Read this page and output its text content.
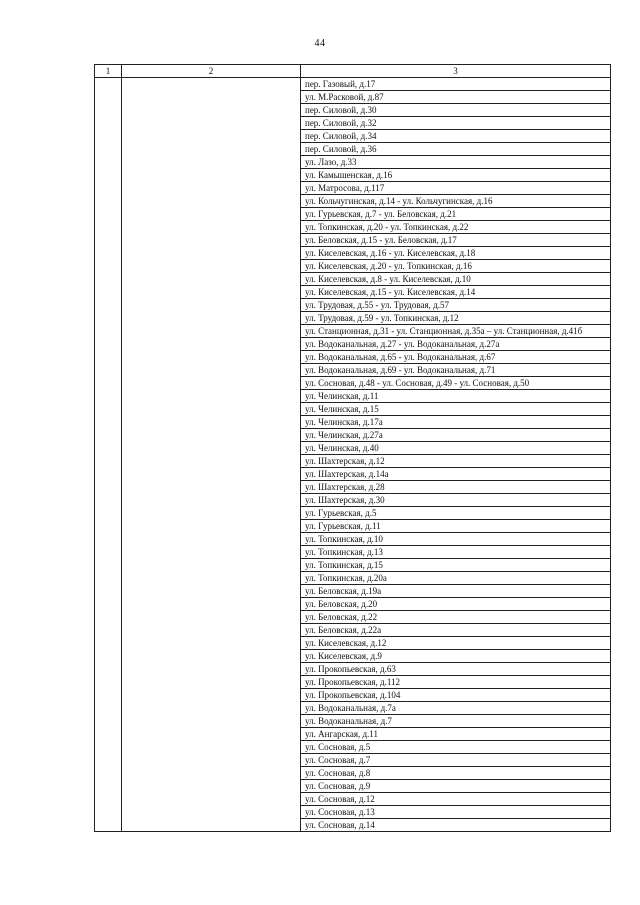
44
1	2	3
		пер. Газовый, д.17
		ул. М.Расковой, д.87
		пер. Силовой, д.30
		пер. Силовой, д.32
		пер. Силовой, д.34
		пер. Силовой, д.36
		ул. Лазо, д.33
		ул. Камышенская, д.16
		ул. Матросова, д.117
		ул. Кольчугинская, д.14 - ул. Кольчугинская, д.16
		ул. Гурьевская, д.7 - ул. Беловская, д.21
		ул. Топкинская, д.20 - ул. Топкинская, д.22
		ул. Беловская, д.15 - ул. Беловская, д.17
		ул. Киселевская, д.16 - ул. Киселевская, д.18
		ул. Киселевская, д.20 - ул. Топкинская, д.16
		ул. Киселевская, д.8 - ул. Киселевская, д.10
		ул. Киселевская, д.15 - ул. Киселевская, д.14
		ул. Трудовая, д.55 - ул. Трудовая, д.57
		ул. Трудовая, д.59 - ул. Топкинская, д.12
		ул. Станционная, д.31 - ул. Станционная, д.35а – ул. Станционная, д.41б
		ул. Водоканальная, д.27 - ул. Водоканальная, д.27а
		ул. Водоканальная, д.65 - ул. Водоканальная, д.67
		ул. Водоканальная, д.69 - ул. Водоканальная, д.71
		ул. Сосновая, д.48 - ул. Сосновая, д.49 - ул. Сосновая, д.50
		ул. Челинская, д.11
		ул. Челинская, д.15
		ул. Челинская, д.17а
		ул. Челинская, д.27а
		ул. Челинская, д.40
		ул. Шахтерская, д.12
		ул. Шахтерская, д.14а
		ул. Шахтерская, д.28
		ул. Шахтерская, д.30
		ул. Гурьевская, д.5
		ул. Гурьевская, д.11
		ул. Топкинская, д.10
		ул. Топкинская, д.13
		ул. Топкинская, д.15
		ул. Топкинская, д.20а
		ул. Беловская, д.19а
		ул. Беловская, д.20
		ул. Беловская, д.22
		ул. Беловская, д.22а
		ул. Киселевская, д.12
		ул. Киселевская, д.9
		ул. Прокопьевская, д.63
		ул. Прокопьевская, д.112
		ул. Прокопьевская, д.104
		ул. Водоканальная, д.7а
		ул. Водоканальная, д.7
		ул. Ангарская, д.11
		ул. Сосновая, д.5
		ул. Сосновая, д.7
		ул. Сосновая, д.8
		ул. Сосновая, д.9
		ул. Сосновая, д.12
		ул. Сосновая, д.13
		ул. Сосновая, д.14
